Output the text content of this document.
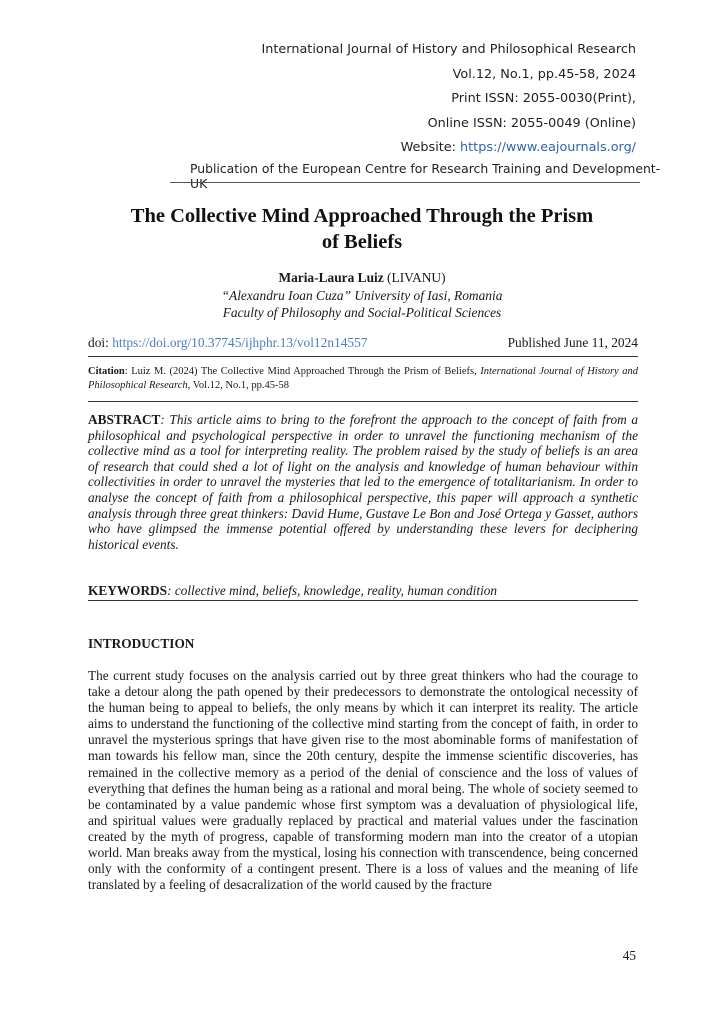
International Journal of History and Philosophical Research
Vol.12, No.1, pp.45-58, 2024
Print ISSN: 2055-0030(Print),
Online ISSN: 2055-0049 (Online)
Website: https://www.eajournals.org/
Publication of the European Centre for Research Training and Development-UK
The Collective Mind Approached Through the Prism
of Beliefs
Maria-Laura Luiz (LIVANU)
“Alexandru Ioan Cuza” University of Iasi, Romania
Faculty of Philosophy and Social-Political Sciences
doi: https://doi.org/10.37745/ijhphr.13/vol12n14557	Published June 11, 2024
Citation: Luiz M. (2024) The Collective Mind Approached Through the Prism of Beliefs, International Journal of History and Philosophical Research, Vol.12, No.1, pp.45-58
ABSTRACT: This article aims to bring to the forefront the approach to the concept of faith from a philosophical and psychological perspective in order to unravel the functioning mechanism of the collective mind as a tool for interpreting reality. The problem raised by the study of beliefs is an area of research that could shed a lot of light on the analysis and knowledge of human behaviour within collectivities in order to unravel the mysteries that led to the emergence of totalitarianism. In order to analyse the concept of faith from a philosophical perspective, this paper will approach a synthetic analysis through three great thinkers: David Hume, Gustave Le Bon and José Ortega y Gasset, authors who have glimpsed the immense potential offered by understanding these levers for deciphering historical events.
KEYWORDS: collective mind, beliefs, knowledge, reality, human condition
INTRODUCTION
The current study focuses on the analysis carried out by three great thinkers who had the courage to take a detour along the path opened by their predecessors to demonstrate the ontological necessity of the human being to appeal to beliefs, the only means by which it can interpret its reality. The article aims to understand the functioning of the collective mind starting from the concept of faith, in order to unravel the mysterious springs that have given rise to the most abominable forms of manifestation of man towards his fellow man, since the 20th century, despite the immense scientific discoveries, has remained in the collective memory as a period of the denial of conscience and the loss of values of everything that defines the human being as a rational and moral being. The whole of society seemed to be contaminated by a value pandemic whose first symptom was a devaluation of physiological life, and spiritual values were gradually replaced by practical and material values under the fascination created by the myth of progress, capable of transforming modern man into the creator of a utopian world. Man breaks away from the mystical, losing his connection with transcendence, being concerned only with the conformity of a contingent present. There is a loss of values and the meaning of life translated by a feeling of desacralization of the world caused by the fracture
45
